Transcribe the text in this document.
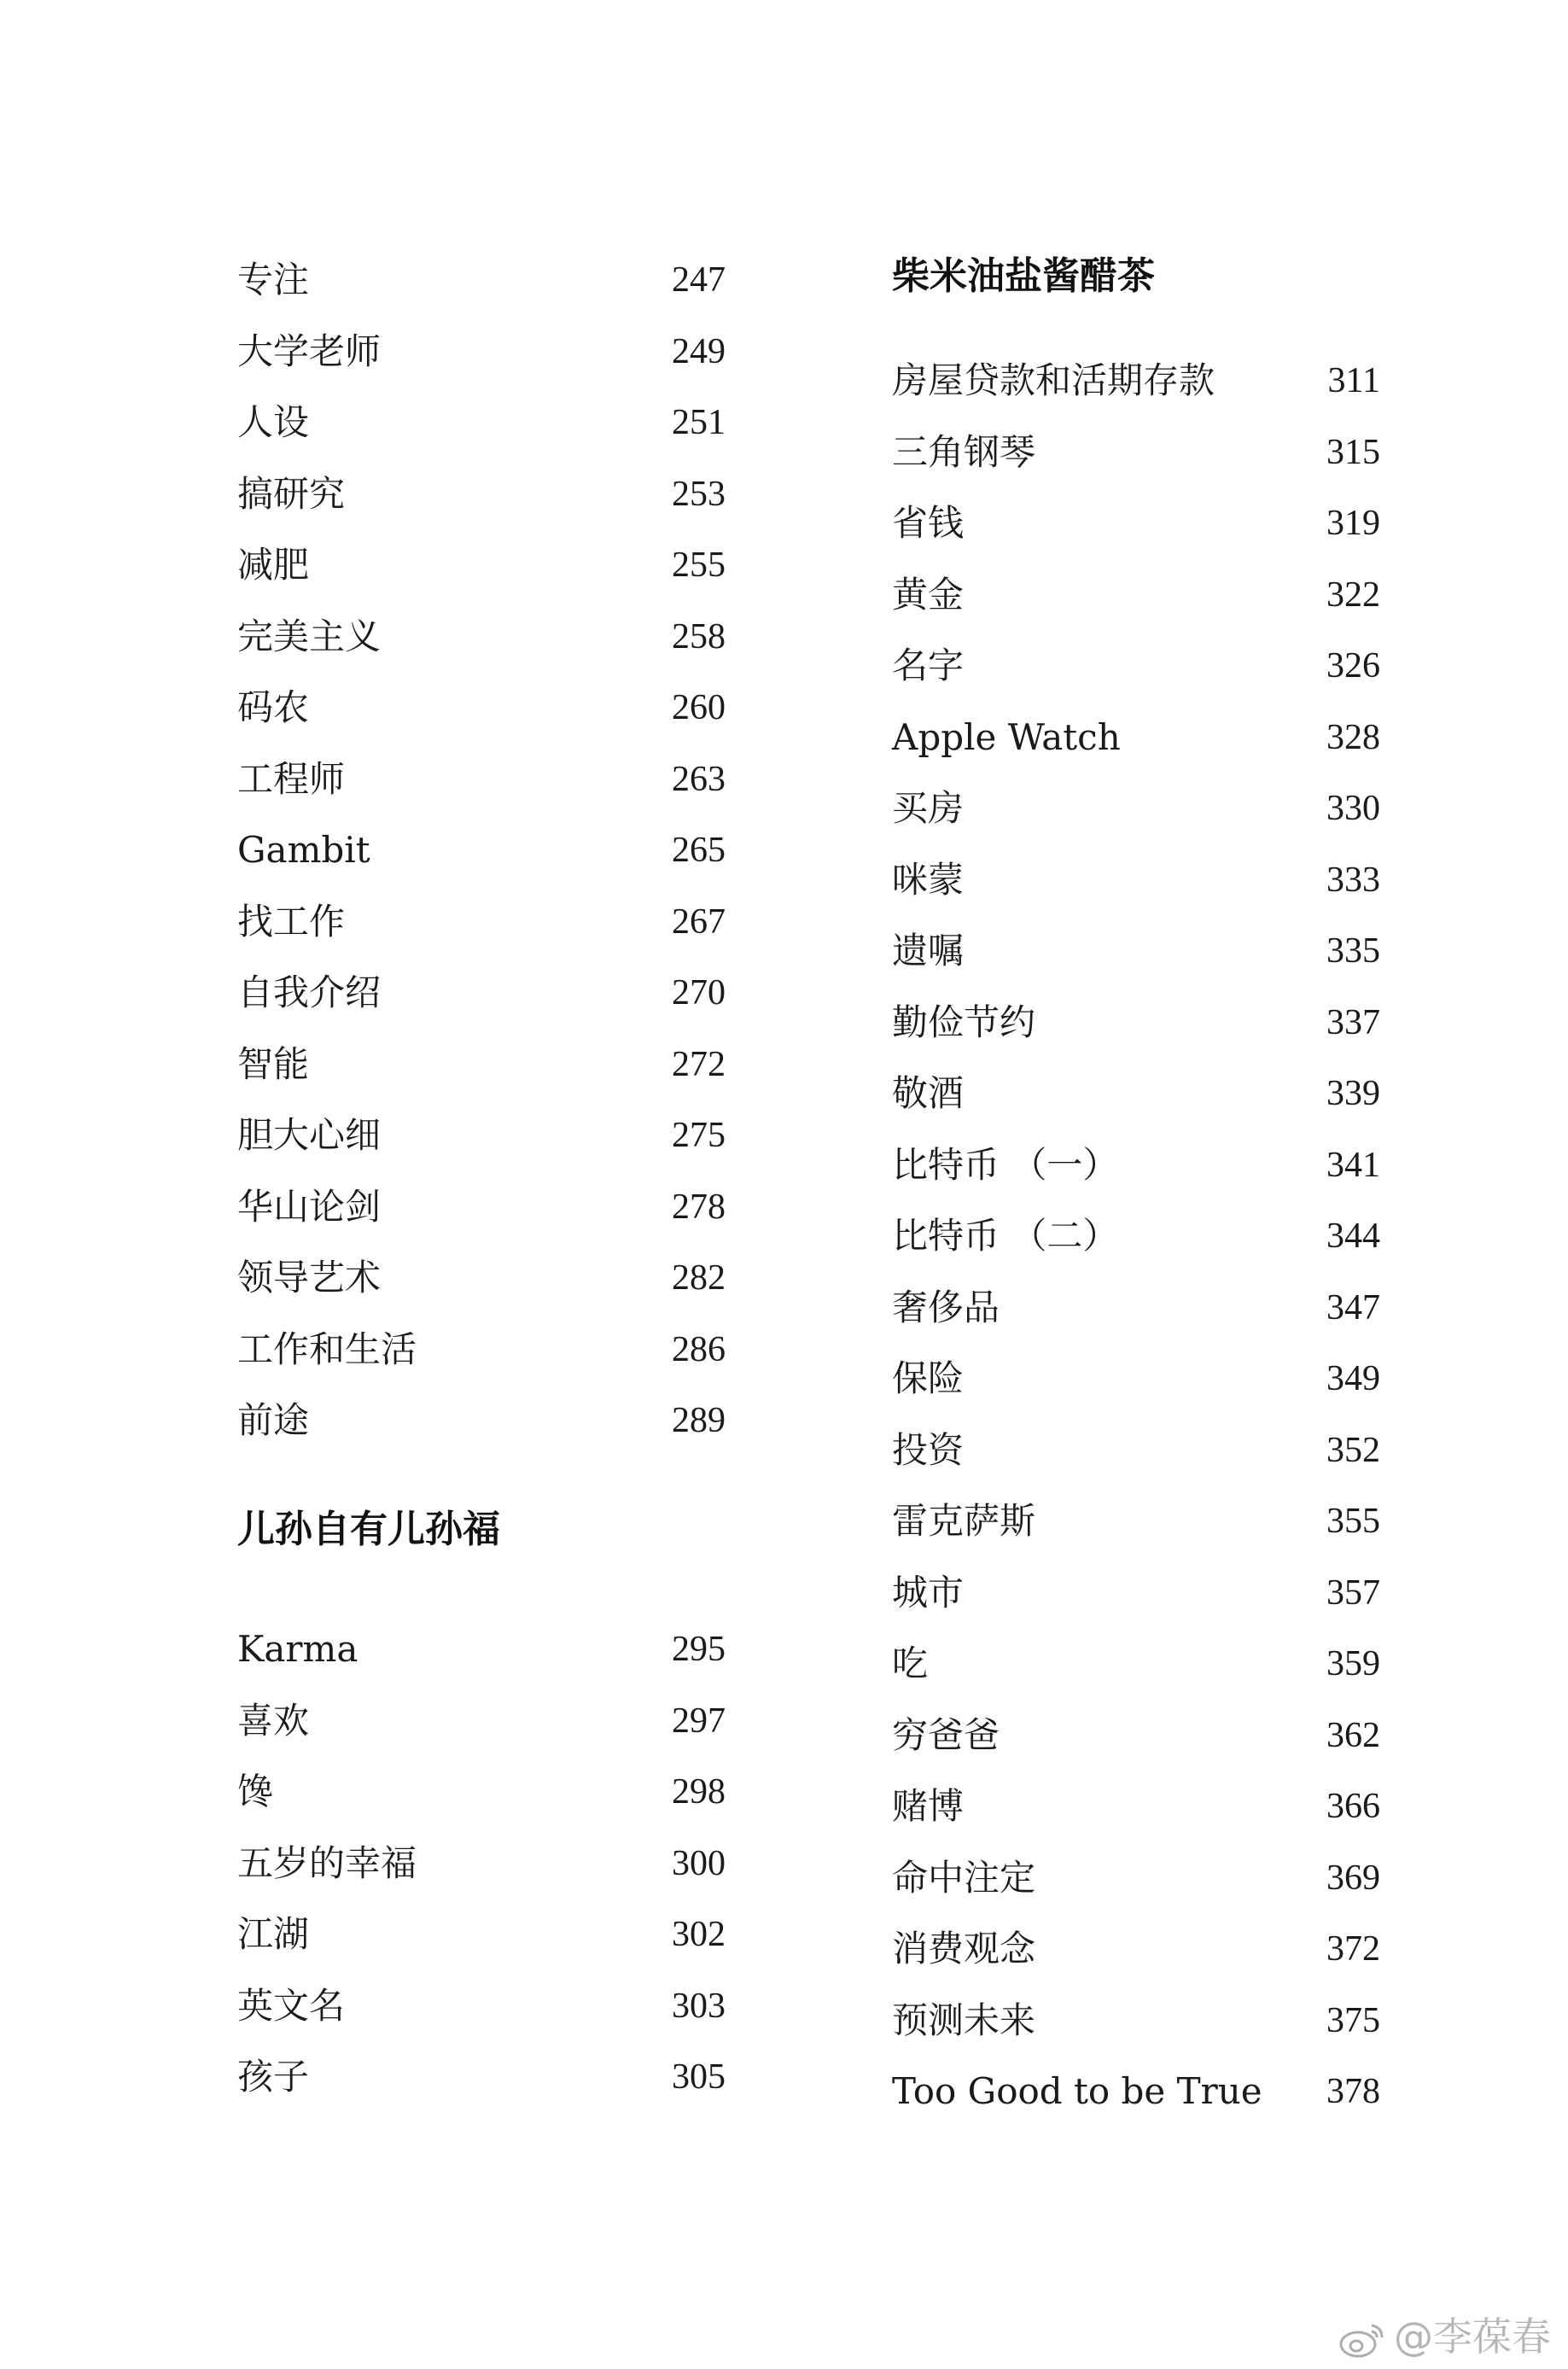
专注	247
大学老师	249
人设	251
搞研究	253
减肥	255
完美主义	258
码农	260
工程师	263
Gambit	265
找工作	267
自我介绍	270
智能	272
胆大心细	275
华山论剑	278
领导艺术	282
工作和生活	286
前途	289
儿孙自有儿孙福
Karma	295
喜欢	297
馋	298
五岁的幸福	300
江湖	302
英文名	303
孩子	305
柴米油盐酱醋茶
房屋贷款和活期存款	311
三角钢琴	315
省钱	319
黄金	322
名字	326
Apple Watch	328
买房	330
咪蒙	333
遗嘱	335
勤俭节约	337
敬酒	339
比特币 （一）	341
比特币 （二）	344
奢侈品	347
保险	349
投资	352
雷克萨斯	355
城市	357
吃	359
穷爸爸	362
赌博	366
命中注定	369
消费观念	372
预测未来	375
Too Good to be True 378
@李葆春
